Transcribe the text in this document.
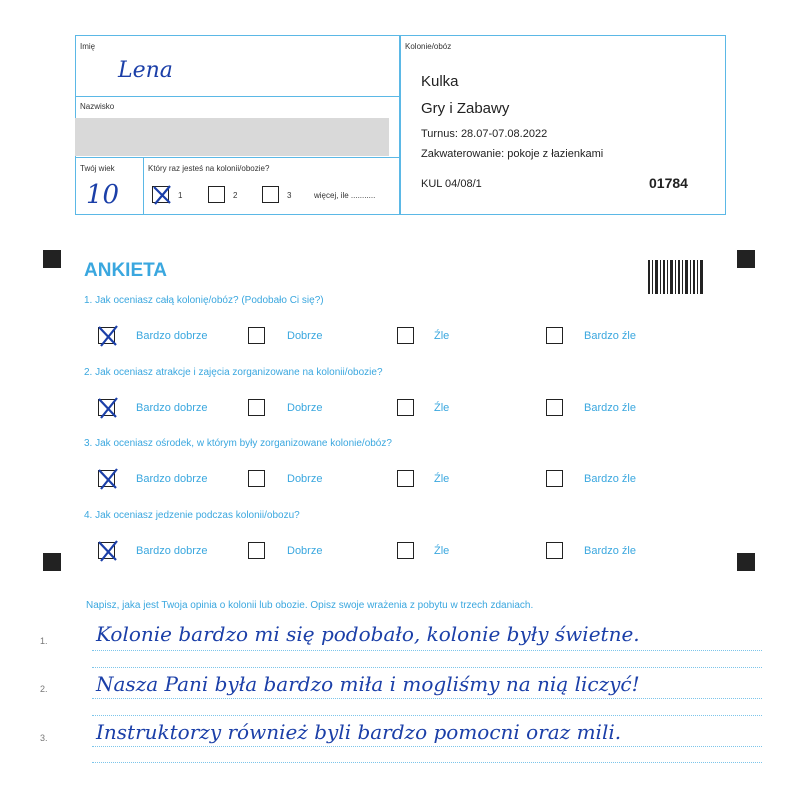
Imię
Lena
Nazwisko
Twój wiek
10
Który raz jesteś na kolonii/obozie?
1	2	3	więcej, ile ...........
Kolonie/obóz
Kulka
Gry i Zabawy
Turnus: 28.07-07.08.2022
Zakwaterowanie: pokoje z łazienkami
KUL 04/08/1	01784
ANKIETA
1. Jak oceniasz całą kolonię/obóz? (Podobało Ci się?)
Bardzo dobrze	Dobrze	Źle	Bardzo źle
2. Jak oceniasz atrakcje i zajęcia zorganizowane na kolonii/obozie?
Bardzo dobrze	Dobrze	Źle	Bardzo źle
3. Jak oceniasz ośrodek, w którym były zorganizowane kolonie/obóz?
Bardzo dobrze	Dobrze	Źle	Bardzo źle
4. Jak oceniasz jedzenie podczas kolonii/obozu?
Bardzo dobrze	Dobrze	Źle	Bardzo źle
Napisz, jaka jest Twoja opinia o kolonii lub obozie. Opisz swoje wrażenia z pobytu w trzech zdaniach.
1. Kolonie bardzo mi się podobało, kolonie były świetne.
2. Nasza Pani była bardzo miła i mogliśmy na nią liczyć!
3. Instruktorzy również byli bardzo pomocni oraz mili.
